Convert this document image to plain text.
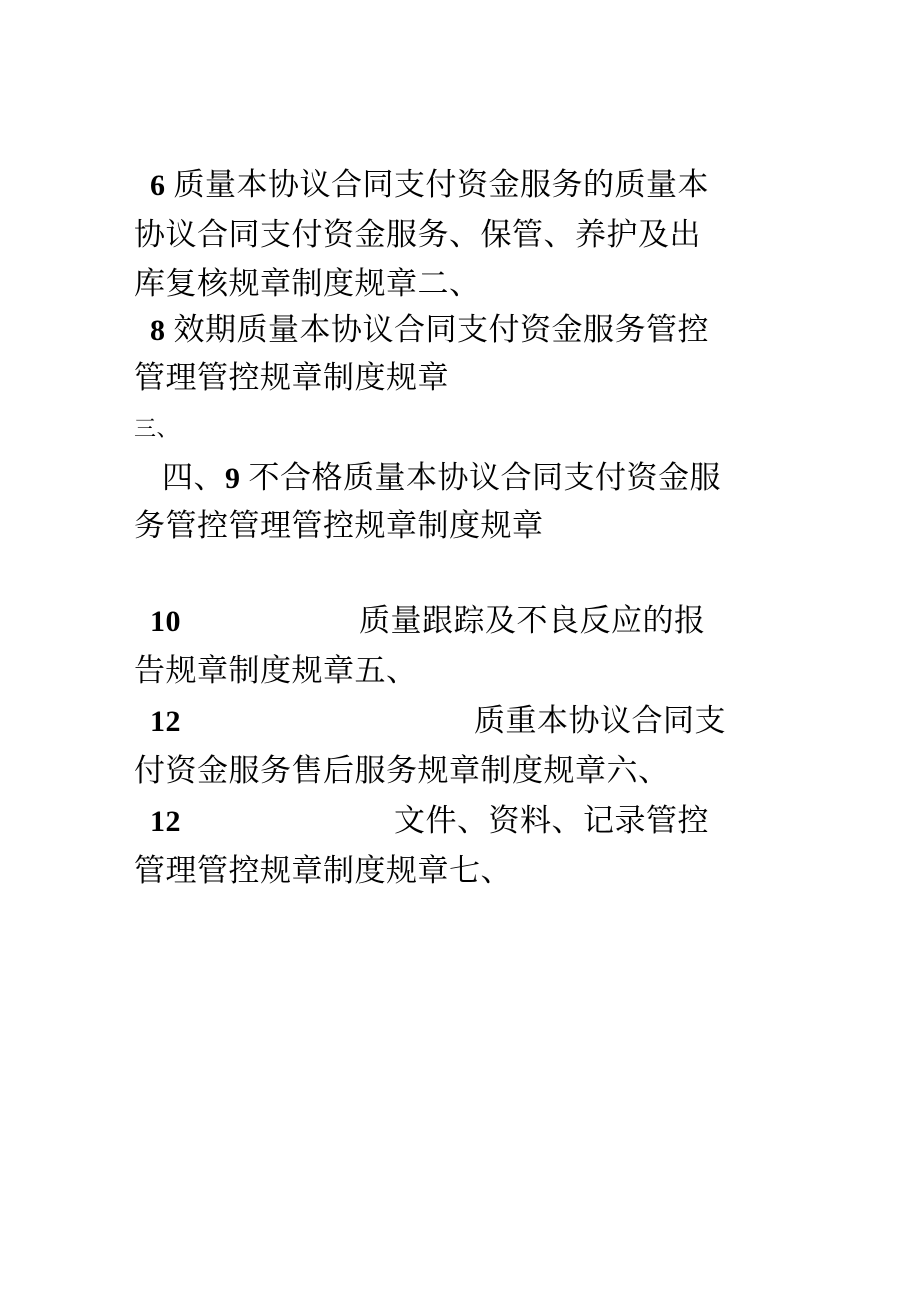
6 质量本协议合同支付资金服务的质量本
协议合同支付资金服务、保管、养护及出
库复核规章制度规章二、
8 效期质量本协议合同支付资金服务管控
管理管控规章制度规章
三、
四、9 不合格质量本协议合同支付资金服
务管控管理管控规章制度规章
10	质量跟踪及不良反应的报
告规章制度规章五、
12	质重本协议合同支
付资金服务售后服务规章制度规章六、
12	文件、资料、记录管控
管理管控规章制度规章七、
